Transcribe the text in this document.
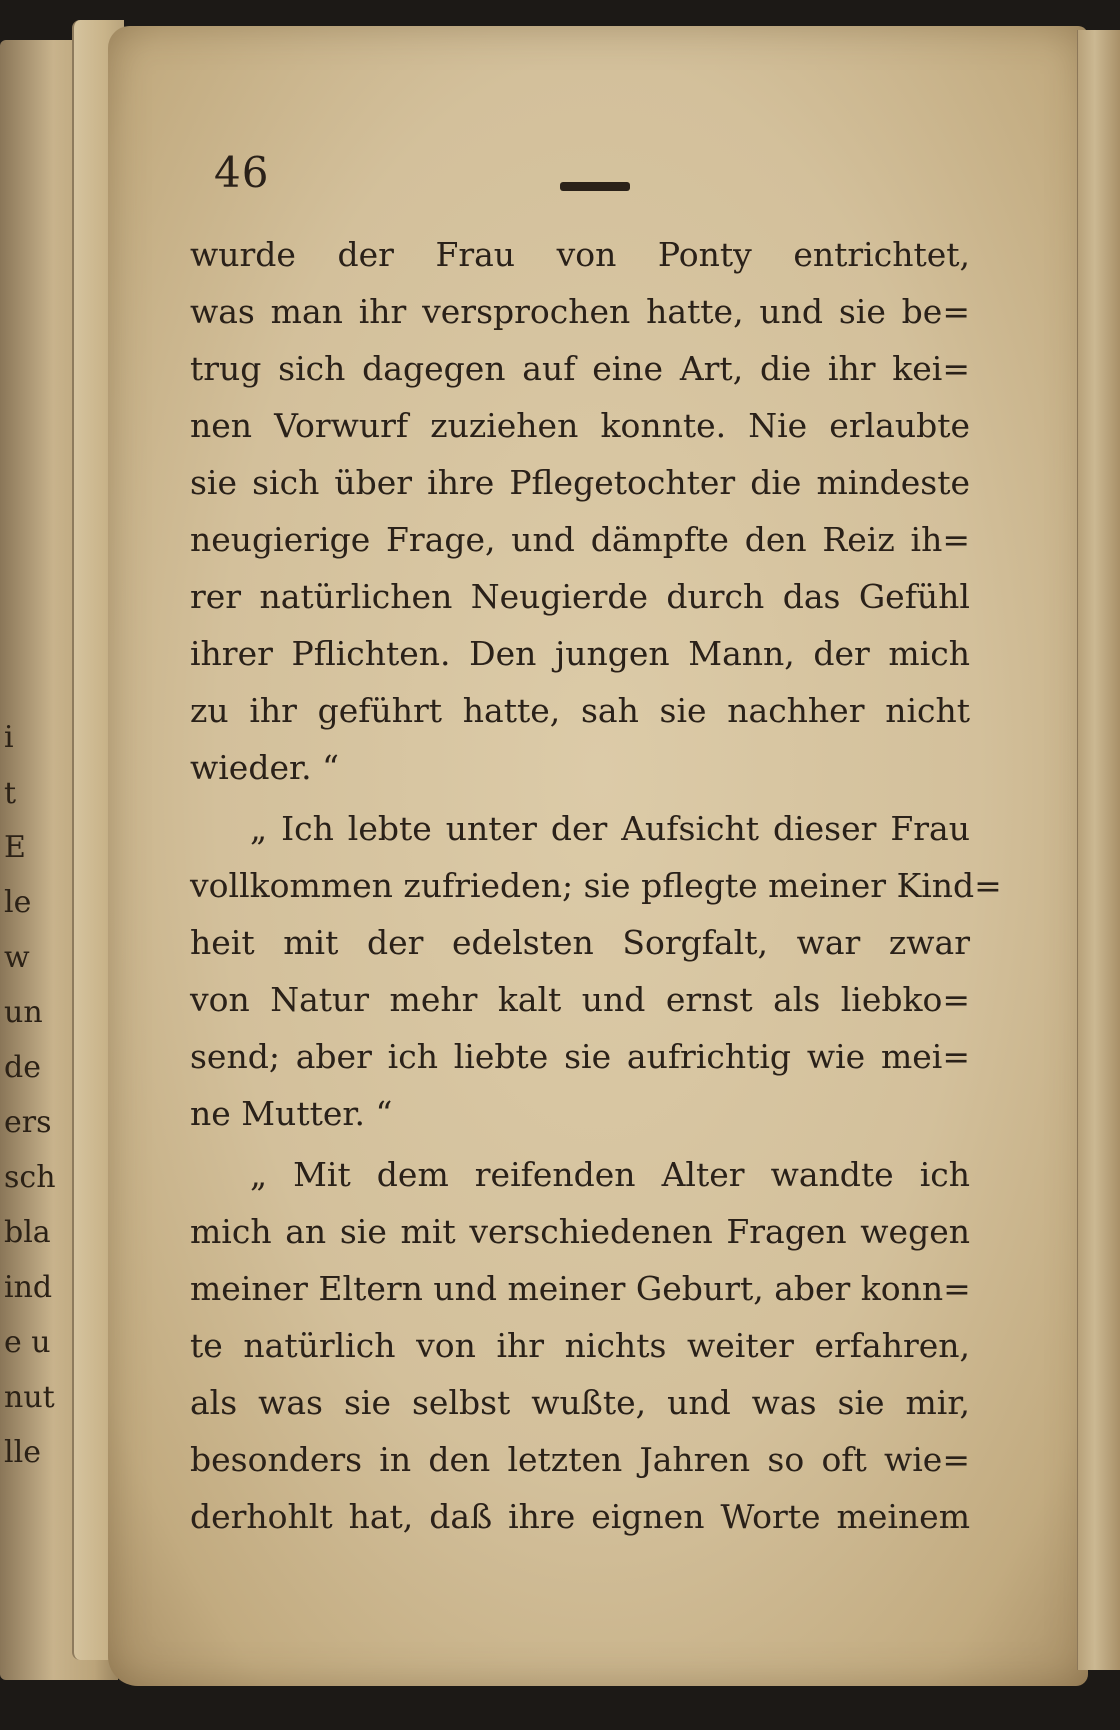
i
t
E
le
w
un
de
ers
sch
bla
ind
e u
nut
lle
46
wurde der Frau von Ponty entrichtet,
was man ihr versprochen hatte, und sie be=
trug sich dagegen auf eine Art, die ihr kei=
nen Vorwurf zuziehen konnte. Nie erlaubte
sie sich über ihre Pflegetochter die mindeste
neugierige Frage, und dämpfte den Reiz ih=
rer natürlichen Neugierde durch das Gefühl
ihrer Pflichten. Den jungen Mann, der mich
zu ihr geführt hatte, sah sie nachher nicht
wieder. “
„ Ich lebte unter der Aufsicht dieser Frau
vollkommen zufrieden; sie pflegte meiner Kind=
heit mit der edelsten Sorgfalt, war zwar
von Natur mehr kalt und ernst als liebko=
send; aber ich liebte sie aufrichtig wie mei=
ne Mutter. “
„ Mit dem reifenden Alter wandte ich
mich an sie mit verschiedenen Fragen wegen
meiner Eltern und meiner Geburt, aber konn=
te natürlich von ihr nichts weiter erfahren,
als was sie selbst wußte, und was sie mir,
besonders in den letzten Jahren so oft wie=
derhohlt hat, daß ihre eignen Worte meinem
